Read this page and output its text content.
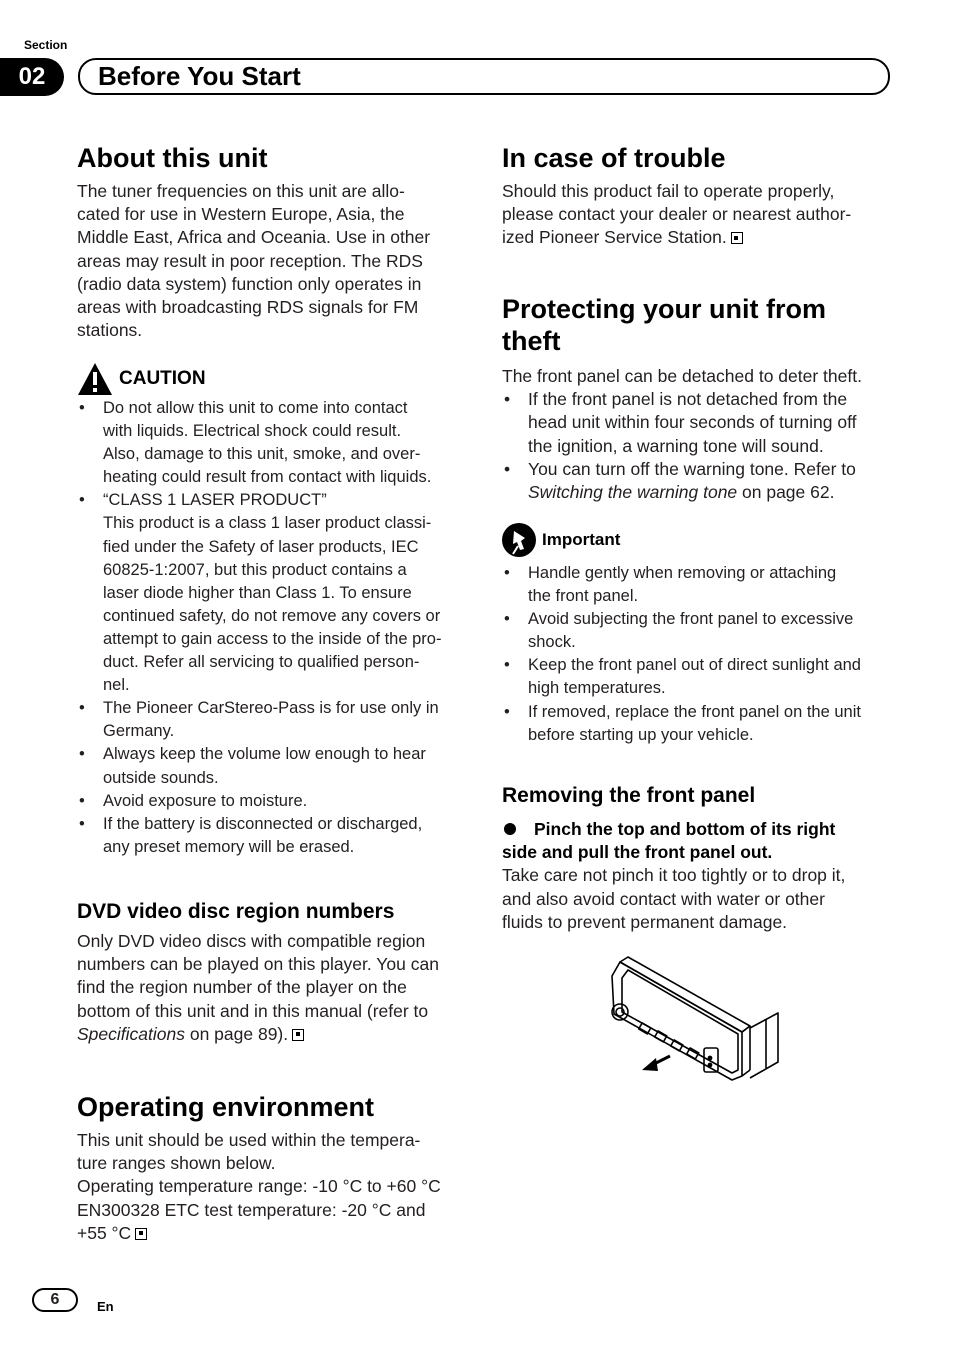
Section
02	Before You Start
About this unit

The tuner frequencies on this unit are allo-
cated for use in Western Europe, Asia, the
Middle East, Africa and Oceania. Use in other
areas may result in poor reception. The RDS
(radio data system) function only operates in
areas with broadcasting RDS signals for FM
stations.

CAUTION
• Do not allow this unit to come into contact
with liquids. Electrical shock could result.
Also, damage to this unit, smoke, and over-
heating could result from contact with liquids.
• “CLASS 1 LASER PRODUCT”
This product is a class 1 laser product classi-
fied under the Safety of laser products, IEC
60825-1:2007, but this product contains a
laser diode higher than Class 1. To ensure
continued safety, do not remove any covers or
attempt to gain access to the inside of the pro-
duct. Refer all servicing to qualified person-
nel.
• The Pioneer CarStereo-Pass is for use only in
Germany.
• Always keep the volume low enough to hear
outside sounds.
• Avoid exposure to moisture.
• If the battery is disconnected or discharged,
any preset memory will be erased.
DVD video disc region numbers

Only DVD video discs with compatible region
numbers can be played on this player. You can
find the region number of the player on the
bottom of this unit and in this manual (refer to
Specifications on page 89).

Operating environment

This unit should be used within the tempera-
ture ranges shown below.
Operating temperature range: -10 °C to +60 °C
EN300328 ETC test temperature: -20 °C and
+55 °C

In case of trouble

Should this product fail to operate properly,
please contact your dealer or nearest author-
ized Pioneer Service Station.

Protecting your unit from
theft

The front panel can be detached to deter theft.

• If the front panel is not detached from the
head unit within four seconds of turning off
the ignition, a warning tone will sound.
• You can turn off the warning tone. Refer to
Switching the warning tone on page 62.
Important
• Handle gently when removing or attaching
the front panel.
• Avoid subjecting the front panel to excessive
shock.
• Keep the front panel out of direct sunlight and
high temperatures.
• If removed, replace the front panel on the unit
before starting up your vehicle.
Removing the front panel
Pinch the top and bottom of its right
side and pull the front panel out.

Take care not pinch it too tightly or to drop it,
and also avoid contact with water or other
fluids to prevent permanent damage.

6	En
